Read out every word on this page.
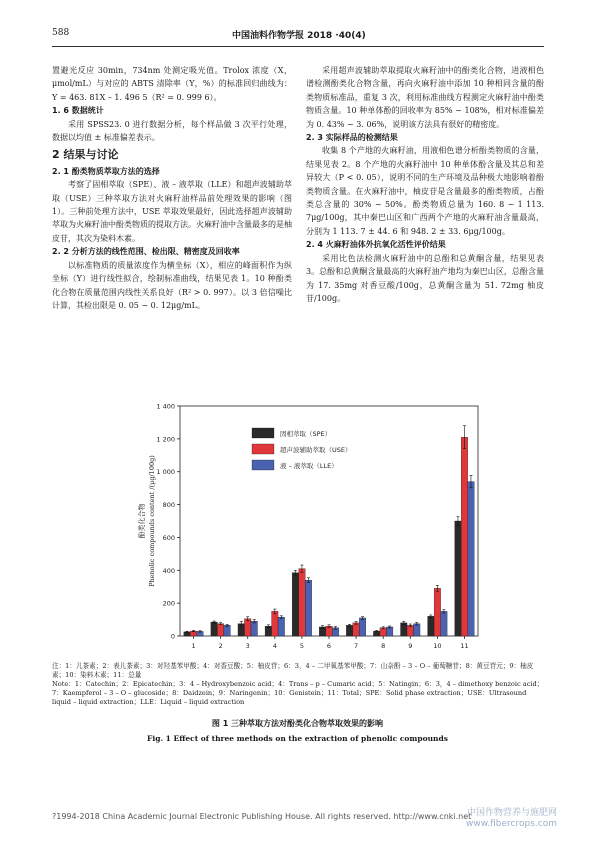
588	中国油料作物学报 2018 ·40(4)

置避光反应 30min，734nm 处测定吸光值。Trolox 浓度（X，μmol/mL）与对应的 ABTS 清除率（Y，%）的标准回归曲线为：Y = 463. 81X – 1. 496 5（R² = 0. 999 6）。

1. 6 数据统计

采用 SPSS23. 0 进行数据分析，每个样品做 3 次平行处理，数据以均值 ± 标准偏差表示。

2 结果与讨论

2. 1 酚类物质萃取方法的选择

考察了固相萃取（SPE）、液 – 液萃取（LLE）和超声波辅助萃取（USE）三种萃取方法对火麻籽油样品前处理效果的影响（图 1）。三种前处理方法中，USE 萃取效果最好，因此选择超声波辅助萃取为火麻籽油中酚类物质的提取方法。火麻籽油中含量最多的是柚皮苷，其次为染料木素。

2. 2 分析方法的线性范围、检出限、精密度及回收率

以标准物质的质量浓度作为横坐标（X），相应的峰面积作为纵坐标（Y）进行线性拟合，绘制标准曲线，结果见表 1。10 种酚类化合物在质量范围内线性关系良好（R² > 0. 997）。以 3 倍信噪比计算，其检出限是 0. 05 ~ 0. 12μg/mL。

采用超声波辅助萃取提取火麻籽油中的酚类化合物，进液相色谱检测酚类化合物含量，再向火麻籽油中添加 10 种相同含量的酚类物质标准品，重复 3 次，利用标准曲线方程测定火麻籽油中酚类物质含量。10 种单体酚的回收率为 85% ~ 108%，相对标准偏差为 0. 43% ~ 3. 06%，说明该方法具有很好的精密度。

2. 3 实际样品的检测结果

收集 8 个产地的火麻籽油，用液相色谱分析酚类物质的含量，结果见表 2。8 个产地的火麻籽油中 10 种单体酚含量及其总和差异较大（P < 0. 05），说明不同的生产环境及品种极大地影响着酚类物质含量。在火麻籽油中，柚皮苷是含量最多的酚类物质，占酚类总含量的 30% ~ 50%。酚类物质总量为 160. 8 ~ 1 113. 7μg/100g，其中秦巴山区和广西两个产地的火麻籽油含量最高，分别为 1 113. 7 ± 44. 6 和 948. 2 ± 33. 6μg/100g。

2. 4 火麻籽油体外抗氧化活性评价结果

采用比色法检测火麻籽油中的总酚和总黄酮含量，结果见表 3。总酚和总黄酮含量最高的火麻籽油产地均为秦巴山区，总酚含量为 17. 35mg 对香豆酸/100g，总黄酮含量为 51. 72mg 柚皮苷/100g。

0
200
400
600
800
1 000
1 200
1 400
酚类化合物 Phenolic compounds content /(μg/100g)
1	2	3	4	5	6	7	8	9	10	11
固相萃取（SPE）
超声波辅助萃取（USE）
液 – 液萃取（LLE）
注：1：儿茶素；2：表儿茶素；3：对羟基苯甲酸；4：对香豆酸；5：柚皮苷；6：3，4 – 二甲氧基苯甲酸；7：山奈酚 – 3 – O – 葡萄糖苷；8：黄豆苷元；9：柚皮素；10：染料木素；11：总量
Note：1：Catechin；2：Epicatechin；3：4 – Hydroxybenzoic acid；4：Trans – p – Cumaric acid；5：Natingin；6：3，4 – dimethoxy benzoic acid；7：Kaempferol – 3 – O – glucoside；8：Daidzein；9：Naringenin；10：Genistein；11：Total；SPE：Solid phase extraction；USE：Ultrasound liquid – liquid extraction；LLE：Liquid – liquid extraction
图 1 三种萃取方法对酚类化合物萃取效果的影响
Fig. 1 Effect of three methods on the extraction of phenolic compounds
?1994-2018 China Academic Journal Electronic Publishing House. All rights reserved. http://www.cnki.net
中国作物营养与施肥网
www.fibercrops.com
